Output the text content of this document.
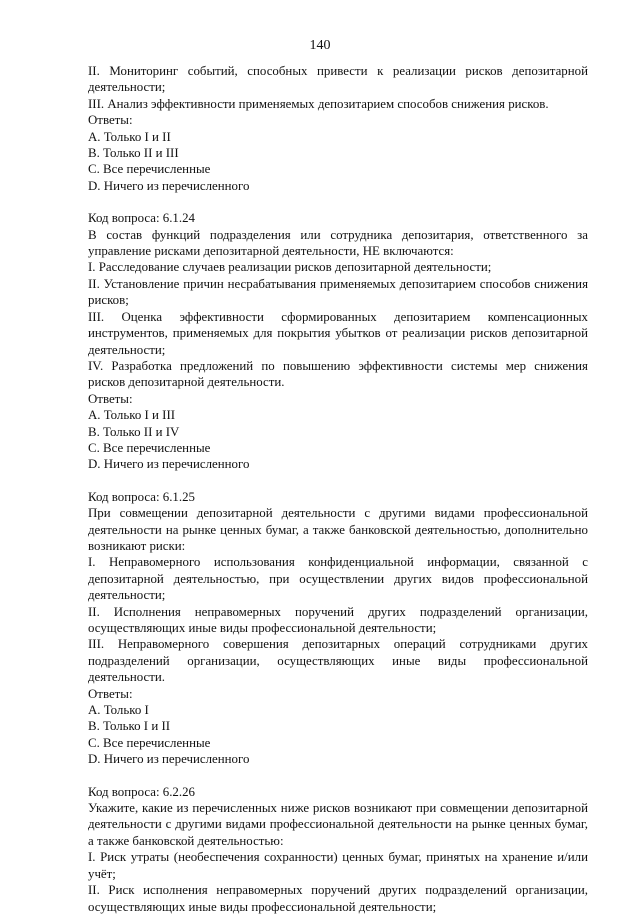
140
II. Мониторинг событий, способных привести к реализации рисков депозитарной
деятельности;
III. Анализ эффективности применяемых депозитарием способов снижения рисков.
Ответы:
A. Только I и II
B. Только II и III
C. Все перечисленные
D. Ничего из перечисленного
Код вопроса: 6.1.24
В состав функций подразделения или сотрудника депозитария, ответственного за
управление рисками депозитарной деятельности, НЕ включаются:
I. Расследование случаев реализации рисков депозитарной деятельности;
II. Установление причин несрабатывания применяемых депозитарием способов снижения
рисков;
III. Оценка эффективности сформированных депозитарием компенсационных
инструментов, применяемых для покрытия убытков от реализации рисков депозитарной
деятельности;
IV. Разработка предложений по повышению эффективности системы мер снижения
рисков депозитарной деятельности.
Ответы:
A. Только I и III
B. Только II и IV
C. Все перечисленные
D. Ничего из перечисленного
Код вопроса: 6.1.25
При совмещении депозитарной деятельности с другими видами профессиональной
деятельности на рынке ценных бумаг, а также банковской деятельностью, дополнительно
возникают риски:
I. Неправомерного использования конфиденциальной информации, связанной с
депозитарной деятельностью, при осуществлении других видов профессиональной
деятельности;
II. Исполнения неправомерных поручений других подразделений организации,
осуществляющих иные виды профессиональной деятельности;
III. Неправомерного совершения депозитарных операций сотрудниками других
подразделений организации, осуществляющих иные виды профессиональной
деятельности.
Ответы:
A. Только I
B. Только I и II
C. Все перечисленные
D. Ничего из перечисленного
Код вопроса: 6.2.26
Укажите, какие из перечисленных ниже рисков возникают при совмещении депозитарной
деятельности с другими видами профессиональной деятельности на рынке ценных бумаг,
а также банковской деятельностью:
I. Риск утраты (необеспечения сохранности) ценных бумаг, принятых на хранение и/или
учёт;
II. Риск исполнения неправомерных поручений других подразделений организации,
осуществляющих иные виды профессиональной деятельности;
